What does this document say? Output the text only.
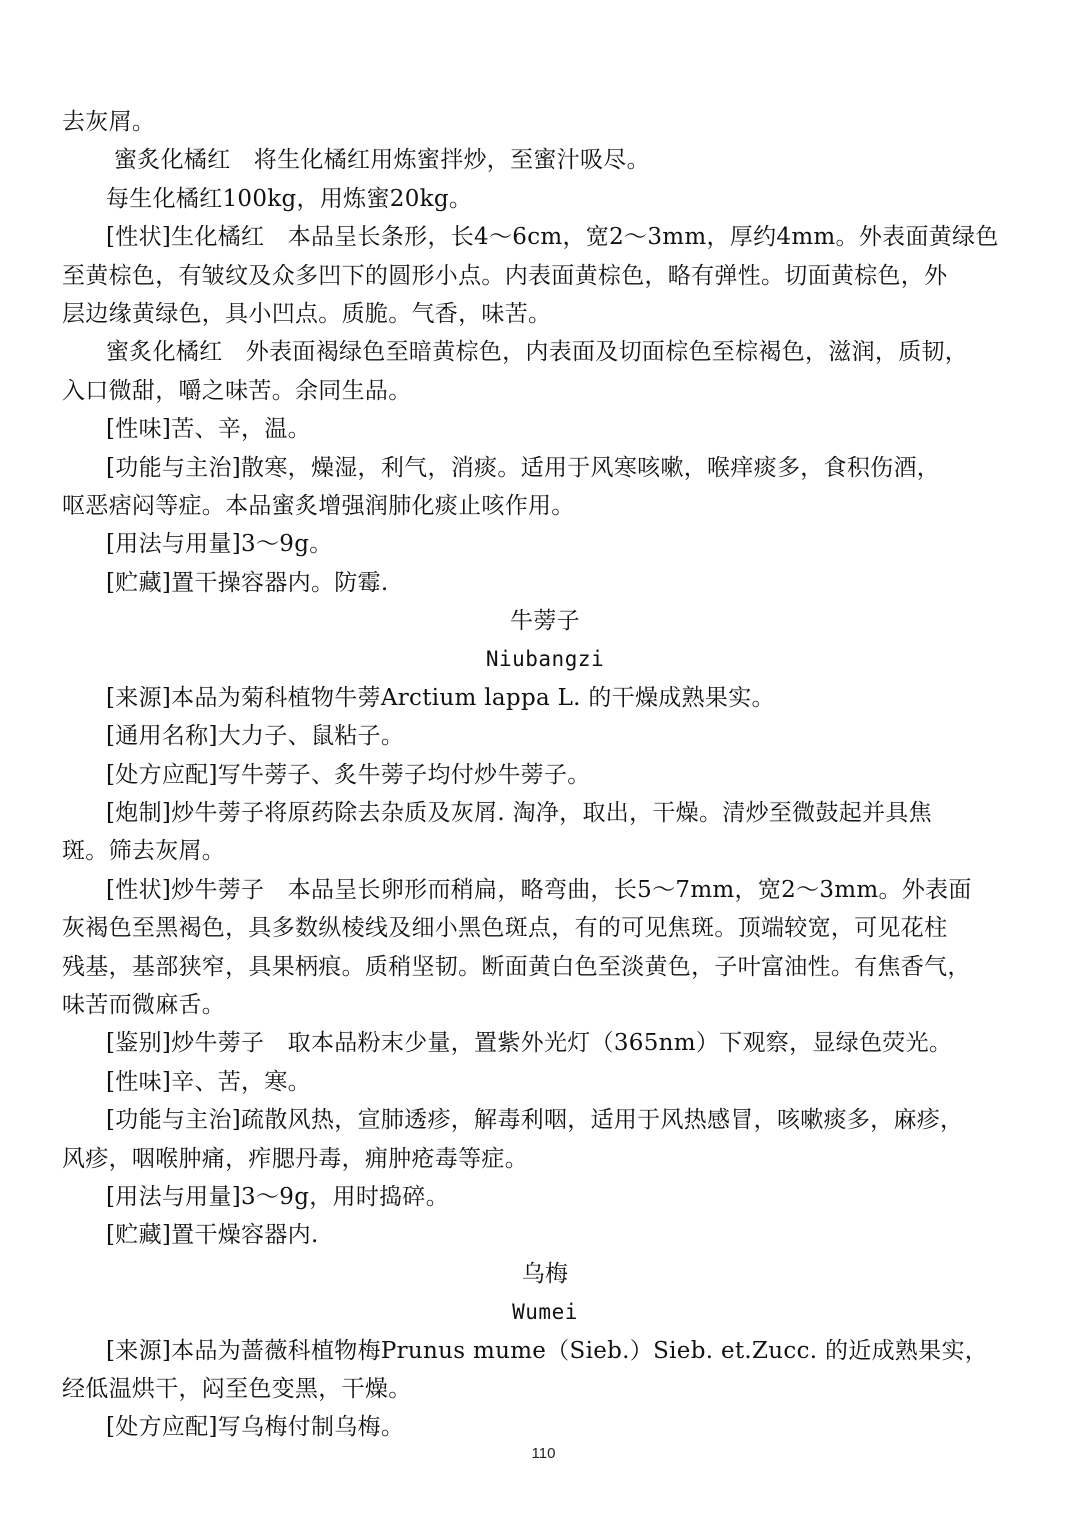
去灰屑。
蜜炙化橘红　将生化橘红用炼蜜拌炒，至蜜汁吸尽。
每生化橘红100kg，用炼蜜20kg。
[性状]生化橘红　本品呈长条形，长4～6cm，宽2～3mm，厚约4mm。外表面黄绿色
至黄棕色，有皱纹及众多凹下的圆形小点。内表面黄棕色，略有弹性。切面黄棕色，外
层边缘黄绿色，具小凹点。质脆。气香，味苦。
蜜炙化橘红　外表面褐绿色至暗黄棕色，内表面及切面棕色至棕褐色，滋润，质韧，
入口微甜，嚼之味苦。余同生品。
[性味]苦、辛，温。
[功能与主治]散寒，燥湿，利气，消痰。适用于风寒咳嗽，喉痒痰多，食积伤酒，
呕恶痞闷等症。本品蜜炙增强润肺化痰止咳作用。
[用法与用量]3～9g。
[贮藏]置干操容器内。防霉.
牛蒡子
Niubangzi
[来源]本品为菊科植物牛蒡Arctium lappa L. 的干燥成熟果实。
[通用名称]大力子、鼠粘子。
[处方应配]写牛蒡子、炙牛蒡子均付炒牛蒡子。
[炮制]炒牛蒡子将原药除去杂质及灰屑. 淘净，取出，干燥。清炒至微鼓起并具焦
斑。筛去灰屑。
[性状]炒牛蒡子　本品呈长卵形而稍扁，略弯曲，长5～7mm，宽2～3mm。外表面
灰褐色至黑褐色，具多数纵棱线及细小黑色斑点，有的可见焦斑。顶端较宽，可见花柱
残基，基部狭窄，具果柄痕。质稍坚韧。断面黄白色至淡黄色，子叶富油性。有焦香气，
味苦而微麻舌。
[鉴别]炒牛蒡子　取本品粉末少量，置紫外光灯（365nm）下观察，显绿色荧光。
[性味]辛、苦，寒。
[功能与主治]疏散风热，宣肺透疹，解毒利咽，适用于风热感冒，咳嗽痰多，麻疹，
风疹，咽喉肿痛，痄腮丹毒，痈肿疮毒等症。
[用法与用量]3～9g，用时捣碎。
[贮藏]置干燥容器内.
乌梅
Wumei
[来源]本品为蔷薇科植物梅Prunus mume（Sieb.）Sieb. et.Zucc. 的近成熟果实，
经低温烘干，闷至色变黑，干燥。
[处方应配]写乌梅付制乌梅。
110
